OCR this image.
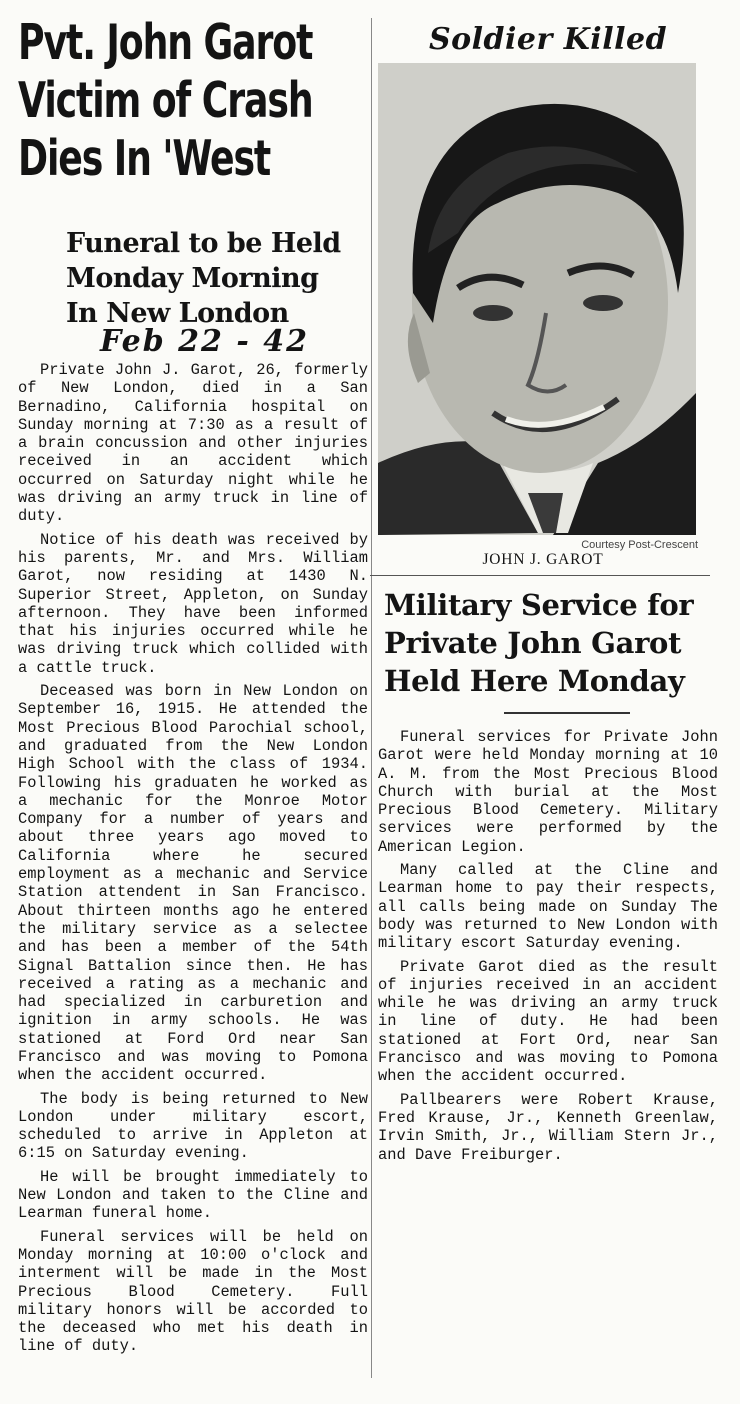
Pvt. John Garot
Victim of Crash
Dies In 'West
Funeral to be Held
Monday Morning
In New London
Feb 22 - 42

Private John J. Garot, 26, formerly of New London, died in a San Bernadino, California hospital on Sunday morning at 7:30 as a result of a brain concussion and other injuries received in an accident which occurred on Saturday night while he was driving an army truck in line of duty.

Notice of his death was received by his parents, Mr. and Mrs. William Garot, now residing at 1430 N. Superior Street, Appleton, on Sunday afternoon. They have been informed that his injuries occurred while he was driving truck which collided with a cattle truck.

Deceased was born in New London on September 16, 1915. He attended the Most Precious Blood Parochial school, and graduated from the New London High School with the class of 1934. Following his graduaten he worked as a mechanic for the Monroe Motor Company for a number of years and about three years ago moved to California where he secured employment as a mechanic and Service Station attendent in San Francisco. About thirteen months ago he entered the military service as a selectee and has been a member of the 54th Signal Battalion since then. He has received a rating as a mechanic and had specialized in carburetion and ignition in army schools. He was stationed at Ford Ord near San Francisco and was moving to Pomona when the accident occurred.

The body is being returned to New London under military escort, scheduled to arrive in Appleton at 6:15 on Saturday evening.

He will be brought immediately to New London and taken to the Cline and Learman funeral home.

Funeral services will be held on Monday morning at 10:00 o'clock and interment will be made in the Most Precious Blood Cemetery. Full military honors will be accorded to the deceased who met his death in line of duty.

Soldier Killed
Courtesy Post-Crescent
JOHN J. GAROT
Military Service for
Private John Garot
Held Here Monday

Funeral services for Private John Garot were held Monday morning at 10 A. M. from the Most Precious Blood Church with burial at the Most Precious Blood Cemetery. Military services were performed by the American Legion.

Many called at the Cline and Learman home to pay their respects, all calls being made on Sunday The body was returned to New London with military escort Saturday evening.

Private Garot died as the result of injuries received in an accident while he was driving an army truck in line of duty. He had been stationed at Fort Ord, near San Francisco and was moving to Pomona when the accident occurred.

Pallbearers were Robert Krause, Fred Krause, Jr., Kenneth Greenlaw, Irvin Smith, Jr., William Stern Jr., and Dave Freiburger.
